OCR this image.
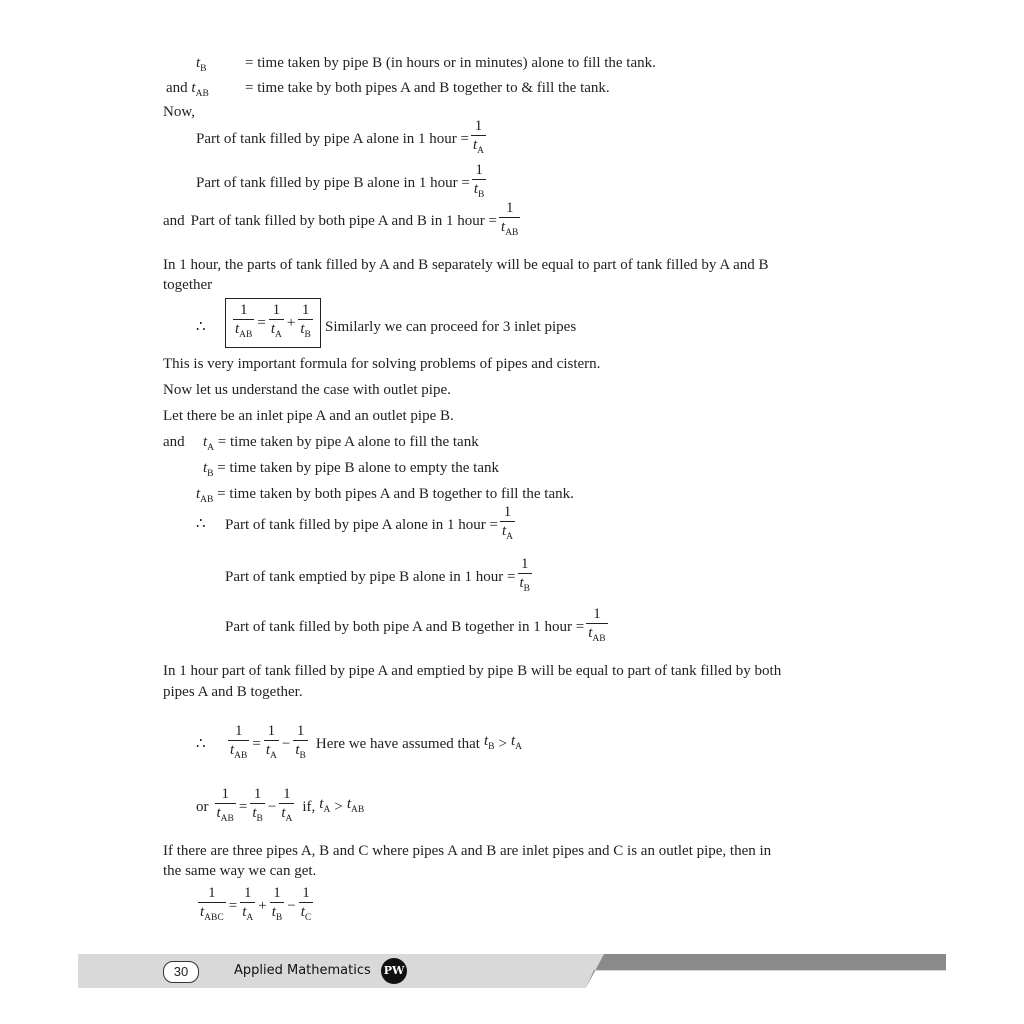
$t_B$	= time taken by pipe B (in hours or in minutes) alone to fill the tank.
and $t_{AB}$ = time take by both pipes A and B together to & fill the tank.
Now,
Part of tank filled by pipe A alone in 1 hour = $\frac{1}{t_A}$
Part of tank filled by pipe B alone in 1 hour = $\frac{1}{t_B}$
and Part of tank filled by both pipe A and B in 1 hour = $\frac{1}{t_{AB}}$
In 1 hour, the parts of tank filled by A and B separately will be equal to part of tank filled by A and B
together
∴ $\frac{1}{t_{AB}} = \frac{1}{t_A} + \frac{1}{t_B}$ Similarly we can proceed for 3 inlet pipes
This is very important formula for solving problems of pipes and cistern.
Now let us understand the case with outlet pipe.
Let there be an inlet pipe A and an outlet pipe B.
and $t_A$ = time taken by pipe A alone to fill the tank
$t_B$ = time taken by pipe B alone to empty the tank
$t_{AB}$ = time taken by both pipes A and B together to fill the tank.
∴ Part of tank filled by pipe A alone in 1 hour = $\frac{1}{t_A}$
Part of tank emptied by pipe B alone in 1 hour = $\frac{1}{t_B}$
Part of tank filled by both pipe A and B together in 1 hour = $\frac{1}{t_{AB}}$
In 1 hour part of tank filled by pipe A and emptied by pipe B will be equal to part of tank filled by both
pipes A and B together.
∴ $\frac{1}{t_{AB}} = \frac{1}{t_A} - \frac{1}{t_B}$ Here we have assumed that $t_B > t_A$
or $\frac{1}{t_{AB}} = \frac{1}{t_B} - \frac{1}{t_A}$ if, $t_A > t_{AB}$
If there are three pipes A, B and C where pipes A and B are inlet pipes and C is an outlet pipe, then in
the same way we can get.
$\frac{1}{t_{ABC}} = \frac{1}{t_A} + \frac{1}{t_B} - \frac{1}{t_C}$
30	Applied Mathematics PW
